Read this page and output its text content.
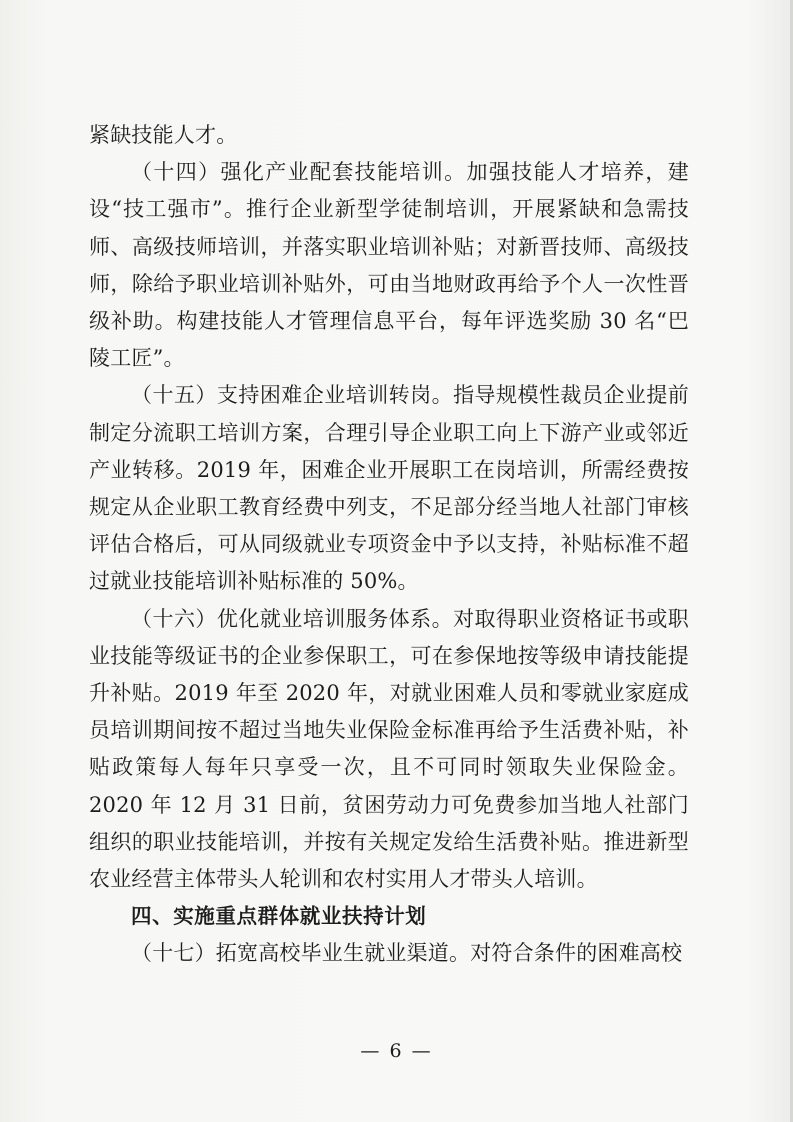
紧缺技能人才。

（十四）强化产业配套技能培训。加强技能人才培养，建设“技工强市”。推行企业新型学徒制培训，开展紧缺和急需技师、高级技师培训，并落实职业培训补贴；对新晋技师、高级技师，除给予职业培训补贴外，可由当地财政再给予个人一次性晋级补助。构建技能人才管理信息平台，每年评选奖励 30 名“巴陵工匠”。

（十五）支持困难企业培训转岗。指导规模性裁员企业提前制定分流职工培训方案，合理引导企业职工向上下游产业或邻近产业转移。2019 年，困难企业开展职工在岗培训，所需经费按规定从企业职工教育经费中列支，不足部分经当地人社部门审核评估合格后，可从同级就业专项资金中予以支持，补贴标准不超过就业技能培训补贴标准的 50%。

（十六）优化就业培训服务体系。对取得职业资格证书或职业技能等级证书的企业参保职工，可在参保地按等级申请技能提升补贴。2019 年至 2020 年，对就业困难人员和零就业家庭成员培训期间按不超过当地失业保险金标准再给予生活费补贴，补贴政策每人每年只享受一次，且不可同时领取失业保险金。2020 年 12 月 31 日前，贫困劳动力可免费参加当地人社部门组织的职业技能培训，并按有关规定发给生活费补贴。推进新型农业经营主体带头人轮训和农村实用人才带头人培训。

四、实施重点群体就业扶持计划

（十七）拓宽高校毕业生就业渠道。对符合条件的困难高校

— 6 —
